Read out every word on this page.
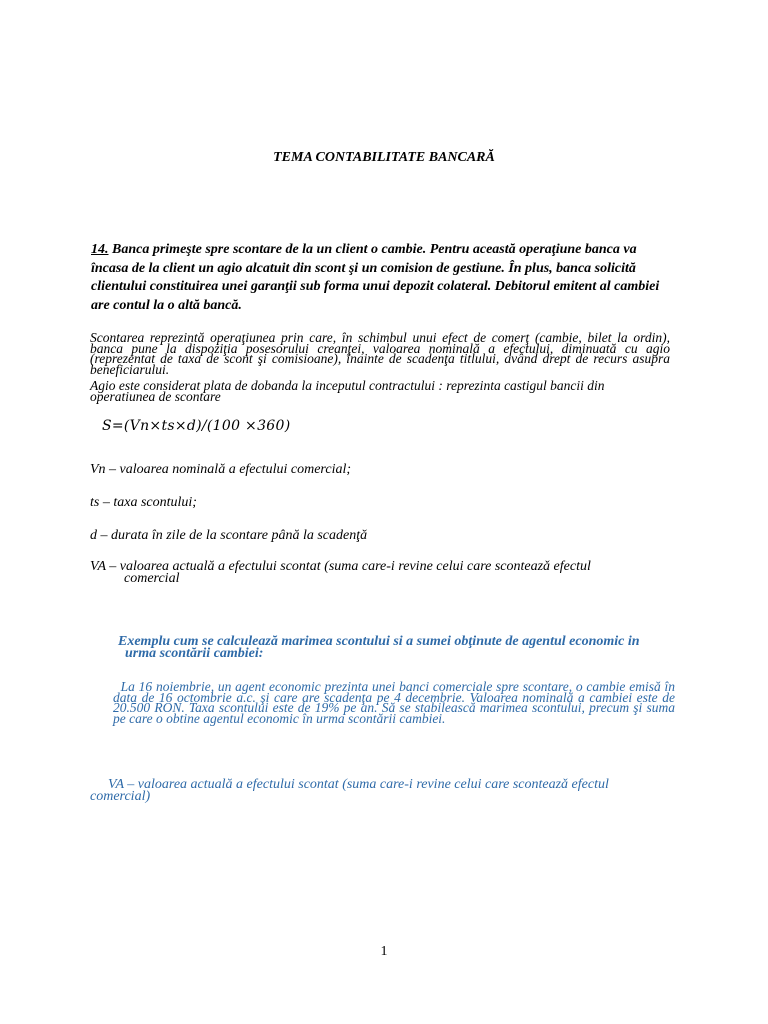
TEMA CONTABILITATE BANCARĂ
14. Banca primeşte spre scontare de la un client o cambie. Pentru această operaţiune banca va încasa de la client un agio alcatuit din scont şi un comision de gestiune. În plus, banca solicită clientului constituirea unei garanţii sub forma unui depozit colateral. Debitorul emitent al cambiei are contul la o altă bancă.
Scontarea reprezintă operaţiunea prin care, în schimbul unui efect de comerţ (cambie, bilet la ordin), banca pune la dispoziţia posesorului creanţei, valoarea nominală a efectului, diminuată cu agio (reprezentat de taxa de scont şi comisioane), înainte de scadenţa titlului, având drept de recurs asupra beneficiarului.
Agio este considerat plata de dobanda la inceputul contractului : reprezinta castigul bancii din operatiunea de scontare
S=(Vn×ts×d)/(100 ×360)
Vn – valoarea nominală a efectului comercial;
ts – taxa scontului;
d – durata în zile de la scontare până la scadenţă
VA – valoarea actuală a efectului scontat (suma care-i revine celui care sconteazǎ efectul
comercial
Exemplu cum se calculează marimea scontului si a sumei obţinute de agentul economic in
urma scontării cambiei:
La 16 noiembrie, un agent economic prezinta unei banci comerciale spre scontare, o cambie emisă în data de 16 octombrie a.c. şi care are scadenţa pe 4 decembrie. Valoarea nominală a cambiei este de 20.500 RON. Taxa scontului este de 19% pe an. Să se stabilească marimea scontului, precum şi suma pe care o obtine agentul economic în urma scontării cambiei.
VA – valoarea actuală a efectului scontat (suma care-i revine celui care sconteazǎ efectul
comercial)
1
